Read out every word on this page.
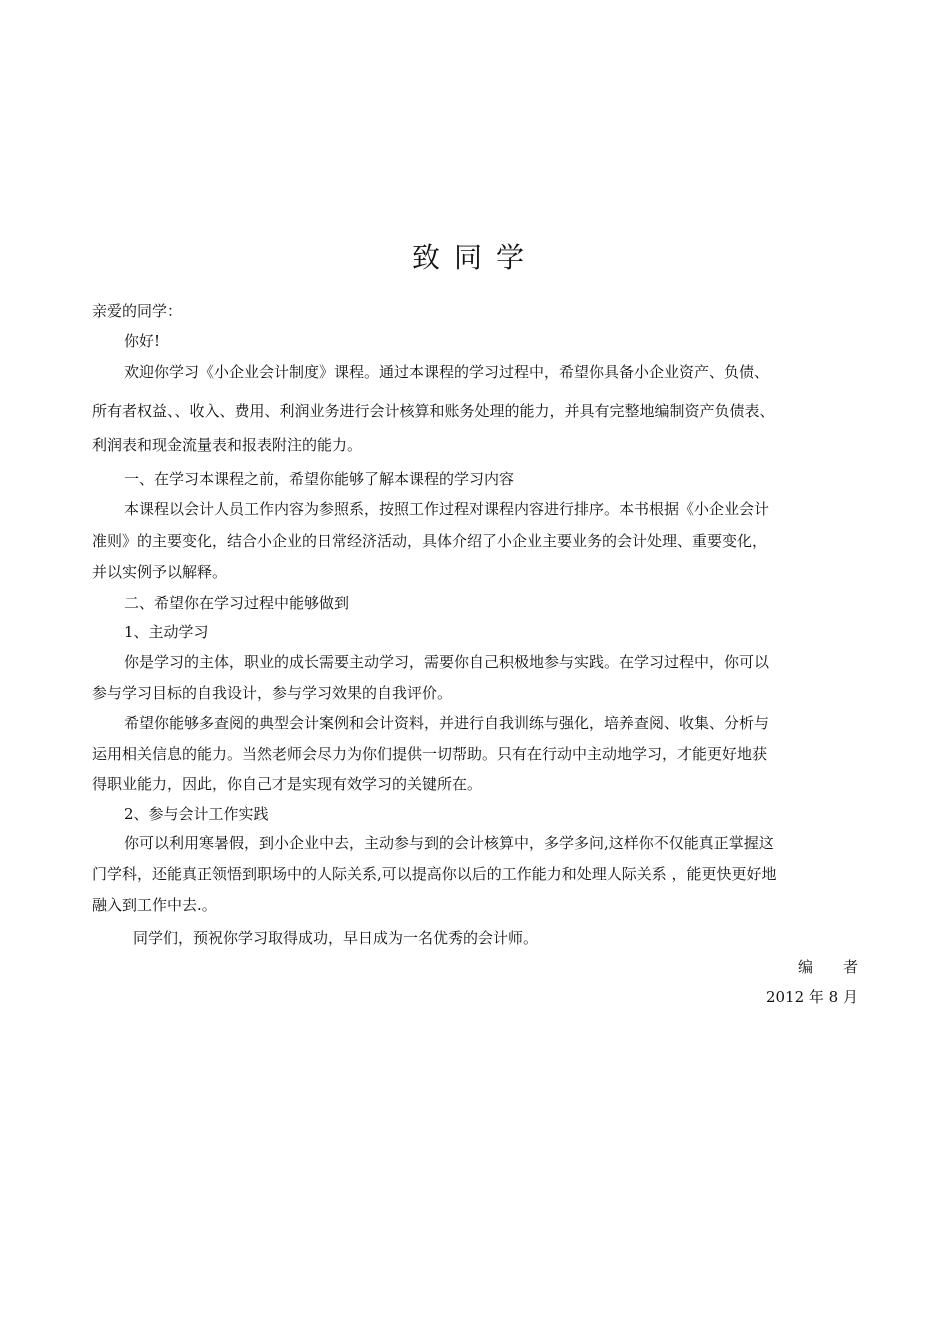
致同学
亲爱的同学：
你好!
欢迎你学习《小企业会计制度》课程。通过本课程的学习过程中，希望你具备小企业资产、负债、
所有者权益、、收入、费用、利润业务进行会计核算和账务处理的能力，并具有完整地编制资产负债表、
利润表和现金流量表和报表附注的能力。
一、在学习本课程之前，希望你能够了解本课程的学习内容
本课程以会计人员工作内容为参照系，按照工作过程对课程内容进行排序。本书根据《小企业会计
准则》的主要变化，结合小企业的日常经济活动，具体介绍了小企业主要业务的会计处理、重要变化，
并以实例予以解释。
二、希望你在学习过程中能够做到
1、主动学习
你是学习的主体，职业的成长需要主动学习，需要你自己积极地参与实践。在学习过程中，你可以
参与学习目标的自我设计，参与学习效果的自我评价。
希望你能够多查阅的典型会计案例和会计资料，并进行自我训练与强化，培养查阅、收集、分析与
运用相关信息的能力。当然老师会尽力为你们提供一切帮助。只有在行动中主动地学习，才能更好地获
得职业能力，因此，你自己才是实现有效学习的关键所在。
2、参与会计工作实践
你可以利用寒暑假，到小企业中去，主动参与到的会计核算中，多学多问,这样你不仅能真正掌握这
门学科，还能真正领悟到职场中的人际关系,可以提高你以后的工作能力和处理人际关系 ，能更快更好地
融入到工作中去.。
同学们，预祝你学习取得成功，早日成为一名优秀的会计师。
编　　者
2012 年 8 月
